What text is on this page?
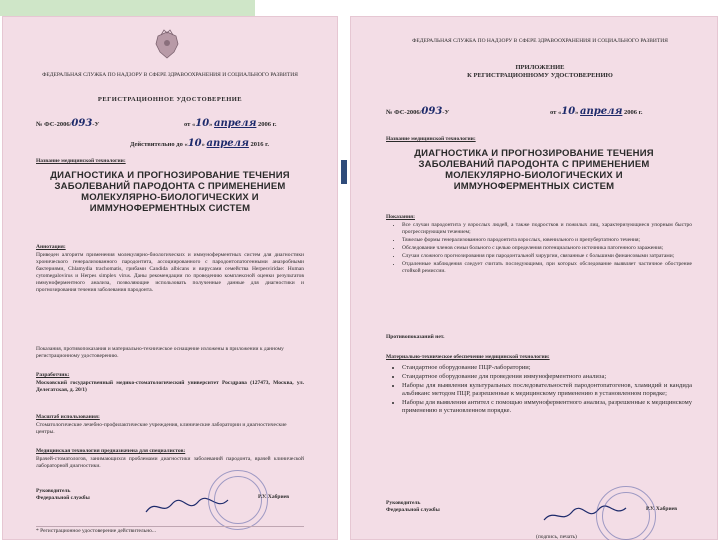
ФЕДЕРАЛЬНАЯ СЛУЖБА ПО НАДЗОРУ В СФЕРЕ ЗДРАВООХРАНЕНИЯ И СОЦИАЛЬНОГО РАЗВИТИЯ
РЕГИСТРАЦИОННОЕ УДОСТОВЕРЕНИЕ
№ ФС-2006/093-У	от «10» апреля 2006 г.
Действительно до «10» апреля 2016 г.
Название медицинской технологии:
ДИАГНОСТИКА И ПРОГНОЗИРОВАНИЕ ТЕЧЕНИЯ ЗАБОЛЕВАНИЙ ПАРОДОНТА С ПРИМЕНЕНИЕМ МОЛЕКУЛЯРНО-БИОЛОГИЧЕСКИХ И ИММУНОФЕРМЕНТНЫХ СИСТЕМ
Аннотация:
Приведен алгоритм применения молекулярно-биологических и иммуноферментных систем для диагностики хронического генерализованного пародонтита, ассоциированного с пародонтопатогенными анаэробными бактериями, Chlamydia trachomatis, грибами Candida albicans и вирусами семейства Herpesviridae: Human cytomegalovirus и Herpes simplex virus. Даны рекомендации по проведению комплексной оценки результатов иммуноферментного анализа, позволяющие использовать полученные данные для диагностики и прогнозирования течения заболевания пародонта.
Показания, противопоказания и материально-техническое оснащение изложены в приложении к данному регистрационному удостоверению.
Разработчик:
Московский государственный медико-стоматологический университет Росздрава (127473, Москва, ул. Делегатская, д. 20/1)
Масштаб использования:
Стоматологические лечебно-профилактические учреждения, клинические лаборатории и диагностические центры.
Медицинская технология предназначена для специалистов:
Врачей-стоматологов, занимающихся проблемами диагностики заболеваний пародонта, врачей клинической лабораторной диагностики.
Руководитель
Федеральной службы	Р.У. Хабриев
* Регистрационное удостоверение действительно...
ФЕДЕРАЛЬНАЯ СЛУЖБА ПО НАДЗОРУ В СФЕРЕ ЗДРАВООХРАНЕНИЯ И СОЦИАЛЬНОГО РАЗВИТИЯ
ПРИЛОЖЕНИЕ
К РЕГИСТРАЦИОННОМУ УДОСТОВЕРЕНИЮ
№ ФС-2006/093-У	от «10» апреля 2006 г.
Название медицинской технологии:
ДИАГНОСТИКА И ПРОГНОЗИРОВАНИЕ ТЕЧЕНИЯ ЗАБОЛЕВАНИЙ ПАРОДОНТА С ПРИМЕНЕНИЕМ МОЛЕКУЛЯРНО-БИОЛОГИЧЕСКИХ И ИММУНОФЕРМЕНТНЫХ СИСТЕМ
Показания:
• Все случаи пародонтита у взрослых людей, а также подростков и пожилых лиц, характеризующиеся упорным быстро прогрессирующим течением;
• Тяжелые формы генерализованного пародонтита взрослых, ювенильного и препубертатного течения;
• Обследование членов семьи больного с целью определения потенциального источника патогенного заражения;
• Случаи сложного прогнозирования при пародонтальной хирургии, связанные с большими финансовыми затратами;
• Отдаленные наблюдения следует считать последующими, при которых обследование выявляет частичное обострение стойкой ремиссии.
Противопоказаний нет.
Материально-техническое обеспечение медицинской технологии:
• Стандартное оборудование ПЦР-лаборатории;
• Стандартное оборудование для проведения иммуноферментного анализа;
• Наборы для выявления культуральных последовательностей пародонтопатогенов, хламидий и кандида альбиканс методом ПЦР, разрешенные к медицинскому применению в установленном порядке;
• Наборы для выявления антител с помощью иммуноферментного анализа, разрешенные к медицинскому применению в установленном порядке.
Руководитель
Федеральной службы	Р.У. Хабриев
(подпись, печать)
